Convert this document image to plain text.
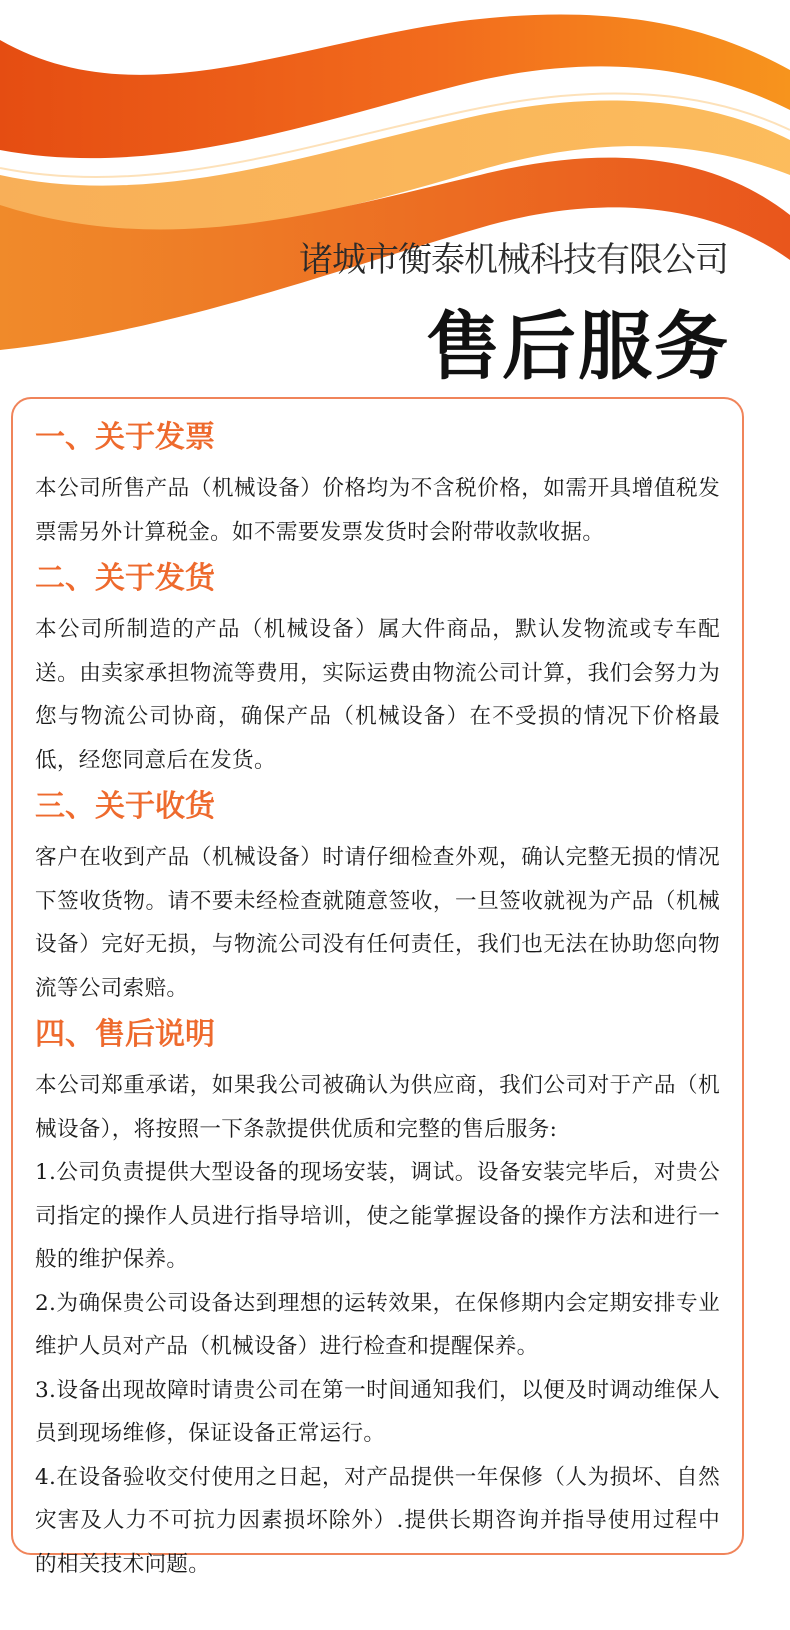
诸城市衡泰机械科技有限公司
售后服务
一、关于发票

本公司所售产品（机械设备）价格均为不含税价格，如需开具增值税发票需另外计算税金。如不需要发票发货时会附带收款收据。

二、关于发货

本公司所制造的产品（机械设备）属大件商品，默认发物流或专车配送。由卖家承担物流等费用，实际运费由物流公司计算，我们会努力为您与物流公司协商，确保产品（机械设备）在不受损的情况下价格最低，经您同意后在发货。

三、关于收货

客户在收到产品（机械设备）时请仔细检查外观，确认完整无损的情况下签收货物。请不要未经检查就随意签收，一旦签收就视为产品（机械设备）完好无损，与物流公司没有任何责任，我们也无法在协助您向物流等公司索赔。

四、售后说明

本公司郑重承诺，如果我公司被确认为供应商，我们公司对于产品（机械设备），将按照一下条款提供优质和完整的售后服务:

1.公司负责提供大型设备的现场安装，调试。设备安装完毕后，对贵公司指定的操作人员进行指导培训，使之能掌握设备的操作方法和进行一般的维护保养。

2.为确保贵公司设备达到理想的运转效果，在保修期内会定期安排专业维护人员对产品（机械设备）进行检查和提醒保养。

3.设备出现故障时请贵公司在第一时间通知我们，以便及时调动维保人员到现场维修，保证设备正常运行。

4.在设备验收交付使用之日起，对产品提供一年保修（人为损坏、自然灾害及人力不可抗力因素损坏除外）.提供长期咨询并指导使用过程中的相关技术问题。
